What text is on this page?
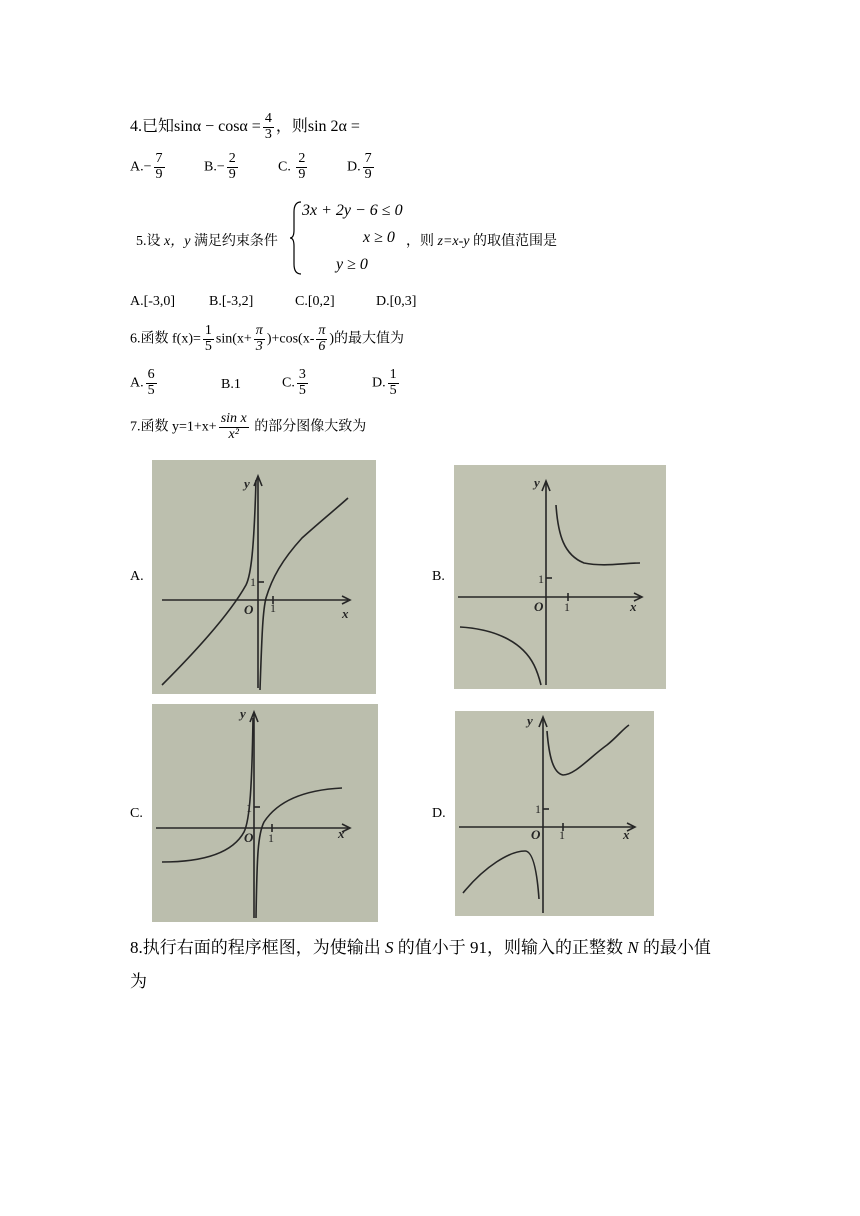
4.已知$\sin\alpha - \cos\alpha = \frac{4}{3}$ ，则sin 2α =
$A.- \frac{7}{9}$	$B.- \frac{2}{9}$	C. $\frac{2}{9}$	D. $\frac{7}{9}$
5.设 x，y 满足约束条件
3x + 2y − 6 ≤ 0
x ≥ 0
y ≥ 0
，则 z=x-y 的取值范围是
A.[-3,0] B.[-3,2]	C.[0,2]	D.[0,3]
6.函数 $f(x)= \frac{1}{5} \sin(x+ \frac{\pi}{3} )+\cos(x- \frac{\pi}{6}$ )的最大值为
A. $\frac{6}{5}$	B.1	C. $\frac{3}{5}$	D. $\frac{1}{5}$
7.函数 $y=1+x+ \frac{\text{sin x}}{\text{x²}}$ 的部分图像大致为
A.	B.
C.	D.
y
O	x
1
1
y
O	x
1
1
y
O	x
1
1
y
O	x
1
1
8.执行右面的程序框图，为使输出 S 的值小于 91，则输入的正整数 N 的最小值
为
